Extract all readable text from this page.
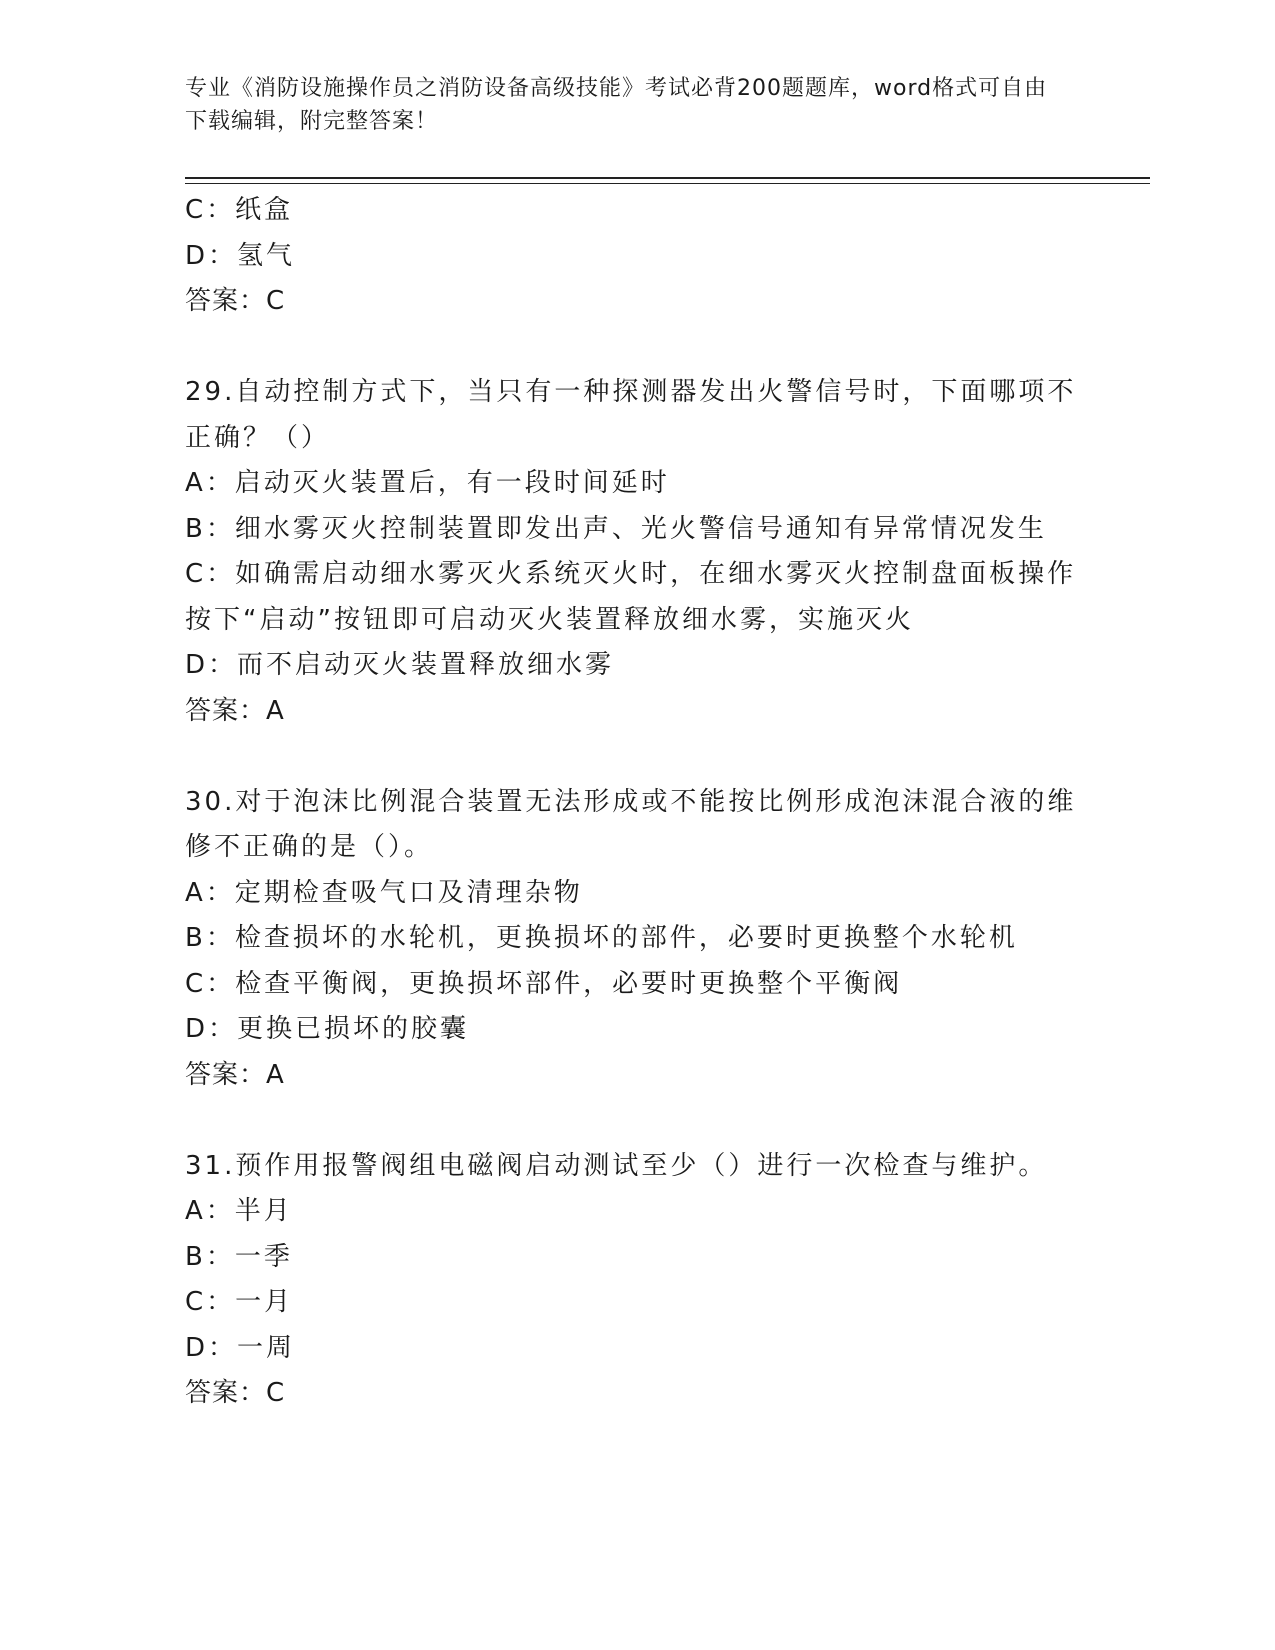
专业《消防设施操作员之消防设备高级技能》考试必背200题题库，word格式可自由下载编辑，附完整答案！
C：纸盒
D：氢气
答案：C
29.自动控制方式下，当只有一种探测器发出火警信号时，下面哪项不
正确？（）
A：启动灭火装置后，有一段时间延时
B：细水雾灭火控制装置即发出声、光火警信号通知有异常情况发生
C：如确需启动细水雾灭火系统灭火时，在细水雾灭火控制盘面板操作
按下“启动”按钮即可启动灭火装置释放细水雾，实施灭火
D：而不启动灭火装置释放细水雾
答案：A
30.对于泡沫比例混合装置无法形成或不能按比例形成泡沫混合液的维
修不正确的是（）。
A：定期检查吸气口及清理杂物
B：检查损坏的水轮机，更换损坏的部件，必要时更换整个水轮机
C：检查平衡阀，更换损坏部件，必要时更换整个平衡阀
D：更换已损坏的胶囊
答案：A
31.预作用报警阀组电磁阀启动测试至少（）进行一次检查与维护。
A：半月
B：一季
C：一月
D：一周
答案：C
